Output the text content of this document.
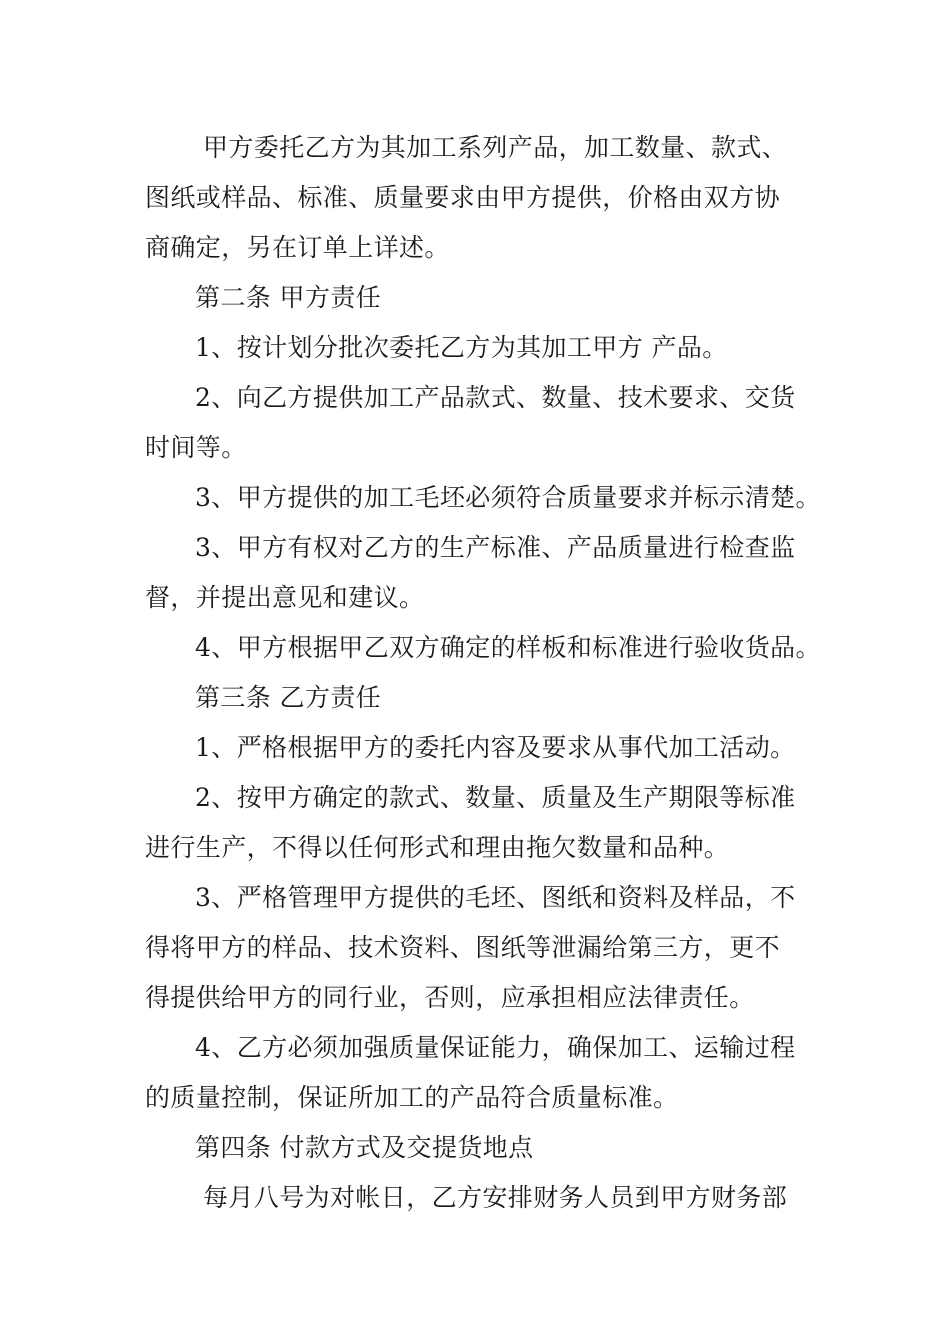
甲方委托乙方为其加工系列产品，加工数量、款式、
图纸或样品、标准、质量要求由甲方提供，价格由双方协
商确定，另在订单上详述。
第二条 甲方责任
1、按计划分批次委托乙方为其加工甲方 产品。
2、向乙方提供加工产品款式、数量、技术要求、交货
时间等。
3、甲方提供的加工毛坯必须符合质量要求并标示清楚。
3、甲方有权对乙方的生产标准、产品质量进行检查监
督，并提出意见和建议。
4、甲方根据甲乙双方确定的样板和标准进行验收货品。
第三条 乙方责任
1、严格根据甲方的委托内容及要求从事代加工活动。
2、按甲方确定的款式、数量、质量及生产期限等标准
进行生产，不得以任何形式和理由拖欠数量和品种。
3、严格管理甲方提供的毛坯、图纸和资料及样品，不
得将甲方的样品、技术资料、图纸等泄漏给第三方，更不
得提供给甲方的同行业，否则，应承担相应法律责任。
4、乙方必须加强质量保证能力，确保加工、运输过程
的质量控制，保证所加工的产品符合质量标准。
第四条 付款方式及交提货地点
每月八号为对帐日，乙方安排财务人员到甲方财务部
